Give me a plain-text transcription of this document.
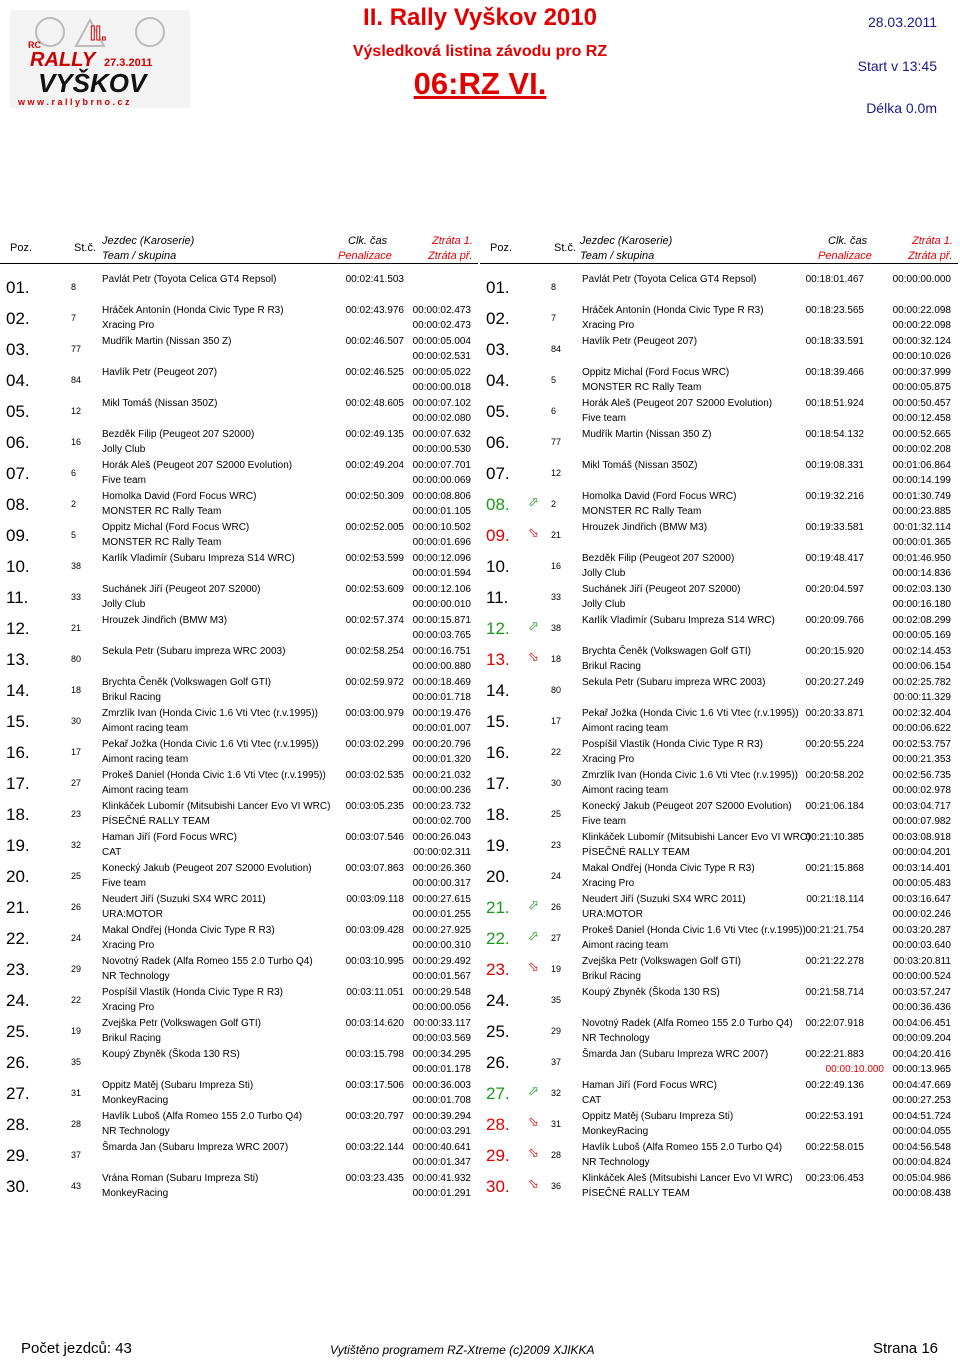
RC II.
RALLY 27.3.2011
VYŠKOV
w w w . r a l l y b r n o . c z
II. Rally Vyškov 2010
Výsledková listina závodu pro RZ
06:RZ VI.
28.03.2011
Start v 13:45
Délka 0.0m
Poz.	St.č.
Jezdec (Karoserie)
Team / skupina
Clk. čas
Penalizace
Ztráta 1.
Ztráta př.
01.	8
Pavlát Petr (Toyota Celica GT4 Repsol)	00:02:41.503
02.	7
Hráček Antonín (Honda Civic Type R R3)
Xracing Pro
00:02:43.976 00:00:02.473
00:00:02.473
03.	77
Mudřík Martin (Nissan 350 Z)	00:02:46.507 00:00:05.004
00:00:02.531
04.	84
Havlík Petr (Peugeot 207)	00:02:46.525 00:00:05.022
00:00:00.018
05.	12
Mikl Tomáš (Nissan 350Z)	00:02:48.605 00:00:07.102
00:00:02.080
06.	16
Bezděk Filip (Peugeot 207 S2000)
Jolly Club
00:02:49.135 00:00:07.632
00:00:00.530
07.	6
Horák Aleš (Peugeot 207 S2000 Evolution)
Five team
00:02:49.204 00:00:07.701
00:00:00.069
08.	2
Homolka David (Ford Focus WRC)
MONSTER RC Rally Team
00:02:50.309 00:00:08.806
00:00:01.105
09.	5
Oppitz Michal (Ford Focus WRC)
MONSTER RC Rally Team
00:02:52.005 00:00:10.502
00:00:01.696
10.	38
Karlík Vladimír (Subaru Impreza S14 WRC)	00:02:53.599 00:00:12.096
00:00:01.594
11.	33
Suchánek Jiří (Peugeot 207 S2000)
Jolly Club
00:02:53.609 00:00:12.106
00:00:00.010
12.	21
Hrouzek Jindřich (BMW M3)	00:02:57.374 00:00:15.871
00:00:03.765
13.	80
Sekula Petr (Subaru impreza WRC 2003)	00:02:58.254 00:00:16.751
00:00:00.880
14.	18
Brychta Čeněk (Volkswagen Golf GTI)
Brikul Racing
00:02:59.972 00:00:18.469
00:00:01.718
15.	30
Zmrzlík Ivan (Honda Civic 1.6 Vti Vtec (r.v.1995))
Aimont racing team
00:03:00.979 00:00:19.476
00:00:01.007
16.	17
Pekař Jožka (Honda Civic 1.6 Vti Vtec (r.v.1995))
Aimont racing team
00:03:02.299 00:00:20.796
00:00:01.320
17.	27
Prokeš Daniel (Honda Civic 1.6 Vti Vtec (r.v.1995))
Aimont racing team
00:03:02.535 00:00:21.032
00:00:00.236
18.	23
Klinkáček Lubomír (Mitsubishi Lancer Evo VI WRC)
PÍSEČNÉ RALLY TEAM
00:03:05.235 00:00:23.732
00:00:02.700
19.	32
Haman Jiří (Ford Focus WRC)
CAT
00:03:07.546 00:00:26.043
00:00:02.311
20.	25
Konecký Jakub (Peugeot 207 S2000 Evolution)
Five team
00:03:07.863 00:00:26.360
00:00:00.317
21.	26
Neudert Jiří (Suzuki SX4 WRC 2011)
URA:MOTOR
00:03:09.118 00:00:27.615
00:00:01.255
22.	24
Makal Ondřej (Honda Civic Type R R3)
Xracing Pro
00:03:09.428 00:00:27.925
00:00:00.310
23.	29
Novotný Radek (Alfa Romeo 155 2.0 Turbo Q4)
NR Technology
00:03:10.995 00:00:29.492
00:00:01.567
24.	22
Pospíšil Vlastík (Honda Civic Type R R3)
Xracing Pro
00:03:11.051 00:00:29.548
00:00:00.056
25.	19
Zvejška Petr (Volkswagen Golf GTI)
Brikul Racing
00:03:14.620 00:00:33.117
00:00:03.569
26.	35
Koupý Zbyněk (Škoda 130 RS)	00:03:15.798 00:00:34.295
00:00:01.178
27.	31
Oppitz Matěj (Subaru Impreza Sti)
MonkeyRacing
00:03:17.506 00:00:36.003
00:00:01.708
28.	28
Havlík Luboš (Alfa Romeo 155 2.0 Turbo Q4)
NR Technology
00:03:20.797 00:00:39.294
00:00:03.291
29.	37
Šmarda Jan (Subaru Impreza WRC 2007)	00:03:22.144 00:00:40.641
00:00:01.347
30.	43
Vrána Roman (Subaru Impreza Sti)
MonkeyRacing
00:03:23.435 00:00:41.932
00:00:01.291
Poz.	St.č.
Jezdec (Karoserie)
Team / skupina
Clk. čas
Penalizace
Ztráta 1.
Ztráta př.
01.	8
Pavlát Petr (Toyota Celica GT4 Repsol)	00:18:01.467	00:00:00.000
02.	7
Hráček Antonín (Honda Civic Type R R3)
Xracing Pro
00:18:23.565	00:00:22.098
00:00:22.098
03.	84
Havlík Petr (Peugeot 207)	00:18:33.591	00:00:32.124
00:00:10.026
04.	5
Oppitz Michal (Ford Focus WRC)
MONSTER RC Rally Team
00:18:39.466	00:00:37.999
00:00:05.875
05.	6
Horák Aleš (Peugeot 207 S2000 Evolution)
Five team
00:18:51.924	00:00:50.457
00:00:12.458
06.	77
Mudřík Martin (Nissan 350 Z)	00:18:54.132	00:00:52.665
00:00:02.208
07.	12
Mikl Tomáš (Nissan 350Z)	00:19:08.331	00:01:06.864
00:00:14.199
08.	⬀	2
Homolka David (Ford Focus WRC)
MONSTER RC Rally Team
00:19:32.216	00:01:30.749
00:00:23.885
09.	⬂	21
Hrouzek Jindřich (BMW M3)	00:19:33.581	00:01:32.114
00:00:01.365
10.	16
Bezděk Filip (Peugeot 207 S2000)
Jolly Club
00:19:48.417	00:01:46.950
00:00:14.836
11.	33
Suchánek Jiří (Peugeot 207 S2000)
Jolly Club
00:20:04.597	00:02:03.130
00:00:16.180
12.	⬀	38
Karlík Vladimír (Subaru Impreza S14 WRC)	00:20:09.766	00:02:08.299
00:00:05.169
13.	⬂	18
Brychta Čeněk (Volkswagen Golf GTI)
Brikul Racing
00:20:15.920	00:02:14.453
00:00:06.154
14.	80
Sekula Petr (Subaru impreza WRC 2003)	00:20:27.249	00:02:25.782
00:00:11.329
15.	17
Pekař Jožka (Honda Civic 1.6 Vti Vtec (r.v.1995))
Aimont racing team
00:20:33.871	00:02:32.404
00:00:06.622
16.	22
Pospíšil Vlastík (Honda Civic Type R R3)
Xracing Pro
00:20:55.224	00:02:53.757
00:00:21.353
17.	30
Zmrzlík Ivan (Honda Civic 1.6 Vti Vtec (r.v.1995))
Aimont racing team
00:20:58.202	00:02:56.735
00:00:02.978
18.	25
Konecký Jakub (Peugeot 207 S2000 Evolution)
Five team
00:21:06.184	00:03:04.717
00:00:07.982
19.	23
Klinkáček Lubomír (Mitsubishi Lancer Evo VI WRC)
PÍSEČNÉ RALLY TEAM
00:21:10.385	00:03:08.918
00:00:04.201
20.	24
Makal Ondřej (Honda Civic Type R R3)
Xracing Pro
00:21:15.868	00:03:14.401
00:00:05.483
21.	⬀	26
Neudert Jiří (Suzuki SX4 WRC 2011)
URA:MOTOR
00:21:18.114	00:03:16.647
00:00:02.246
22.	⬀	27
Prokeš Daniel (Honda Civic 1.6 Vti Vtec (r.v.1995))
Aimont racing team
00:21:21.754	00:03:20.287
00:00:03.640
23.	⬂	19
Zvejška Petr (Volkswagen Golf GTI)
Brikul Racing
00:21:22.278	00:03:20.811
00:00:00.524
24.	35
Koupý Zbyněk (Škoda 130 RS)	00:21:58.714	00:03:57.247
00:00:36.436
25.	29
Novotný Radek (Alfa Romeo 155 2.0 Turbo Q4)
NR Technology
00:22:07.918	00:04:06.451
00:00:09.204
26.	37
Šmarda Jan (Subaru Impreza WRC 2007)	00:22:21.883	00:04:20.416
00:00:13.965
00:00:10.000
27.	⬀	32
Haman Jiří (Ford Focus WRC)
CAT
00:22:49.136	00:04:47.669
00:00:27.253
28.	⬂	31
Oppitz Matěj (Subaru Impreza Sti)
MonkeyRacing
00:22:53.191	00:04:51.724
00:00:04.055
29.	⬂	28
Havlík Luboš (Alfa Romeo 155 2.0 Turbo Q4)
NR Technology
00:22:58.015	00:04:56.548
00:00:04.824
30.	⬂	36
Klinkáček Aleš (Mitsubishi Lancer Evo VI WRC)
PÍSEČNÉ RALLY TEAM
00:23:06.453	00:05:04.986
00:00:08.438
Počet jezdců: 43	Vytištěno programem RZ-Xtreme (c)2009 XJIKKA	Strana 16
